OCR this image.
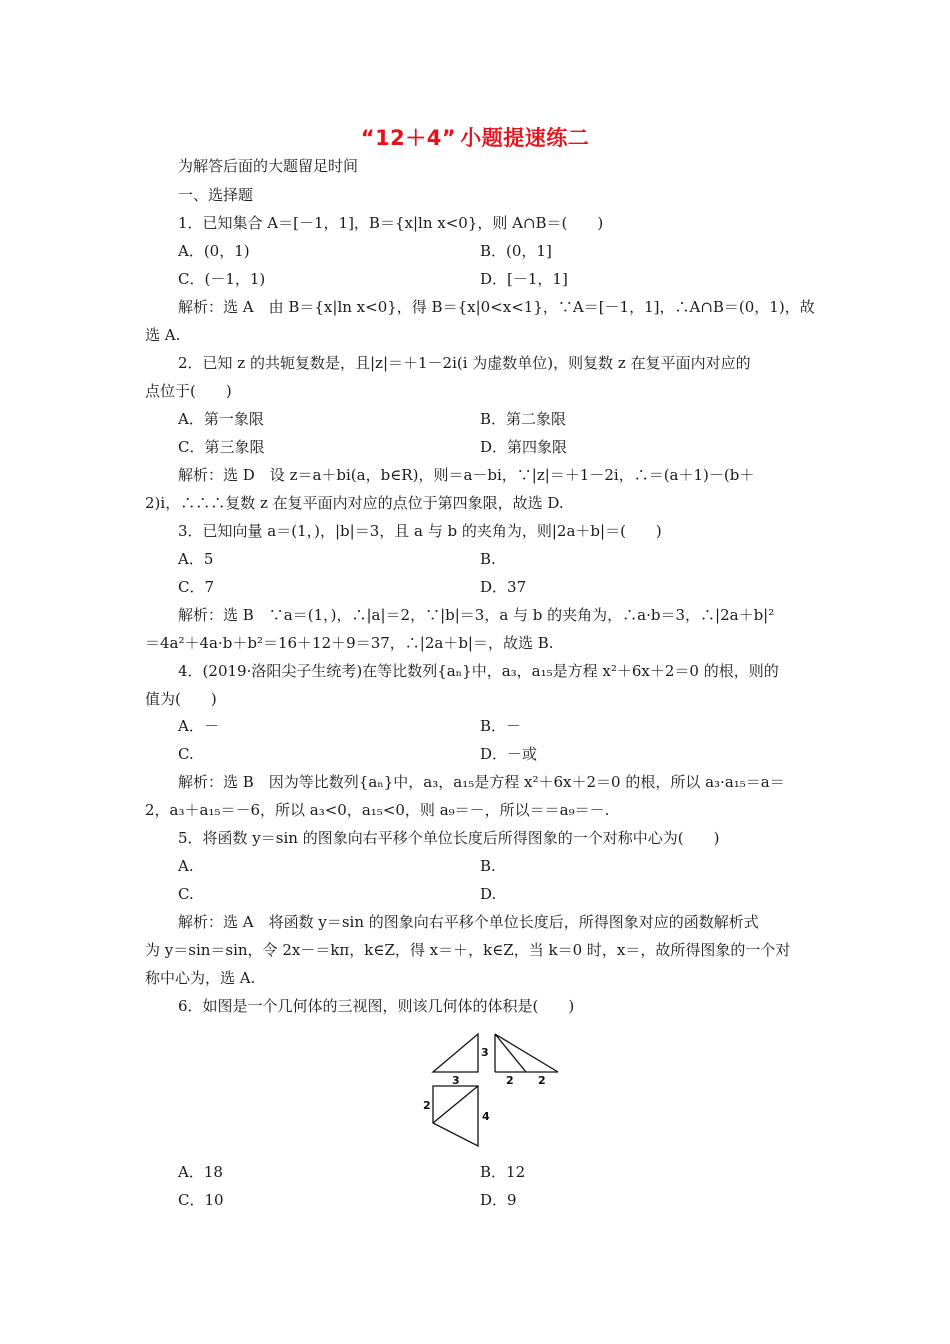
“12＋4” 小题提速练二
为解答后面的大题留足时间
一、选择题
1．已知集合 A＝[－1，1]，B＝{x|ln x<0}，则 A∩B＝(　　)
A．(0，1)	B．(0，1]
C．(－1，1)	D．[－1，1]
解析：选 A　由 B＝{x|ln x<0}，得 B＝{x|0<x<1}，∵A＝[－1，1]，∴A∩B＝(0，1)，故
选 A.
2．已知 z 的共轭复数是，且|z|＝＋1－2i(i 为虚数单位)，则复数 z 在复平面内对应的
点位于(　　)
A．第一象限	B．第二象限
C．第三象限	D．第四象限
解析：选 D　设 z＝a＋bi(a，b∈R)，则＝a－bi，∵|z|＝＋1－2i，∴＝(a＋1)－(b＋
2)i，∴∴∴复数 z 在复平面内对应的点位于第四象限，故选 D.
3．已知向量 a＝(1，)，|b|＝3，且 a 与 b 的夹角为，则|2a＋b|＝(　　)
A．5	B.
C．7	D．37
解析：选 B　∵a＝(1，)，∴|a|＝2，∵|b|＝3，a 与 b 的夹角为，∴a·b＝3，∴|2a＋b|²
＝4a²＋4a·b＋b²＝16＋12＋9＝37，∴|2a＋b|＝，故选 B.
4．(2019·洛阳尖子生统考)在等比数列{aₙ}中，a₃，a₁₅是方程 x²＋6x＋2＝0 的根，则的
值为(　　)
A．－	B．－
C.	D．－或
解析：选 B　因为等比数列{aₙ}中，a₃，a₁₅是方程 x²＋6x＋2＝0 的根，所以 a₃·a₁₅＝a＝
2，a₃＋a₁₅＝－6，所以 a₃<0，a₁₅<0，则 a₉＝－，所以＝＝a₉＝－.
5．将函数 y＝sin 的图象向右平移个单位长度后所得图象的一个对称中心为(　　)
A.	B.
C.	D.
解析：选 A　将函数 y＝sin 的图象向右平移个单位长度后，所得图象对应的函数解析式
为 y＝sin＝sin，令 2x－＝kπ，k∈Z，得 x＝＋，k∈Z，当 k＝0 时，x＝，故所得图象的一个对
称中心为，选 A.
6．如图是一个几何体的三视图，则该几何体的体积是(　　)
3
3	2 2
2
4
A．18	B．12
C．10	D．9
